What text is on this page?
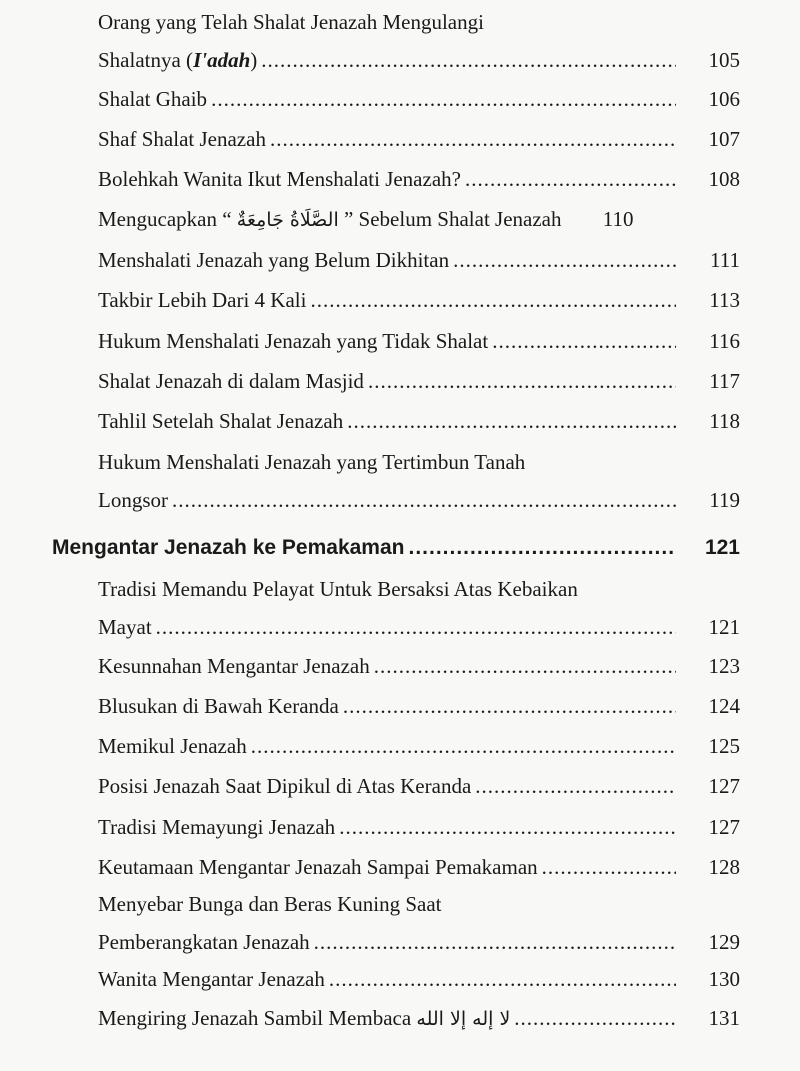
Orang yang Telah Shalat Jenazah Mengulangi
Shalatnya (I'adah) .....	105
Shalat Ghaib .....	106
Shaf Shalat Jenazah .....	107
Bolehkah Wanita Ikut Menshalati Jenazah? .....	108
Mengucapkan “ الصَّلَاةُ جَامِعَةٌ ” Sebelum Shalat Jenazah	110
Menshalati Jenazah yang Belum Dikhitan .....	111
Takbir Lebih Dari 4 Kali .....	113
Hukum Menshalati Jenazah yang Tidak Shalat .....	116
Shalat Jenazah di dalam Masjid .....	117
Tahlil Setelah Shalat Jenazah .....	118
Hukum Menshalati Jenazah yang Tertimbun Tanah
Longsor .....	119
Mengantar Jenazah ke Pemakaman .....	121
Tradisi Memandu Pelayat Untuk Bersaksi Atas Kebaikan
Mayat .....	121
Kesunnahan Mengantar Jenazah .....	123
Blusukan di Bawah Keranda .....	124
Memikul Jenazah .....	125
Posisi Jenazah Saat Dipikul di Atas Keranda .....	127
Tradisi Memayungi Jenazah .....	127
Keutamaan Mengantar Jenazah Sampai Pemakaman .....	128
Menyebar Bunga dan Beras Kuning Saat
Pemberangkatan Jenazah .....	129
Wanita Mengantar Jenazah .....	130
Mengiring Jenazah Sambil Membaca لا إله إلا الله .....	131
